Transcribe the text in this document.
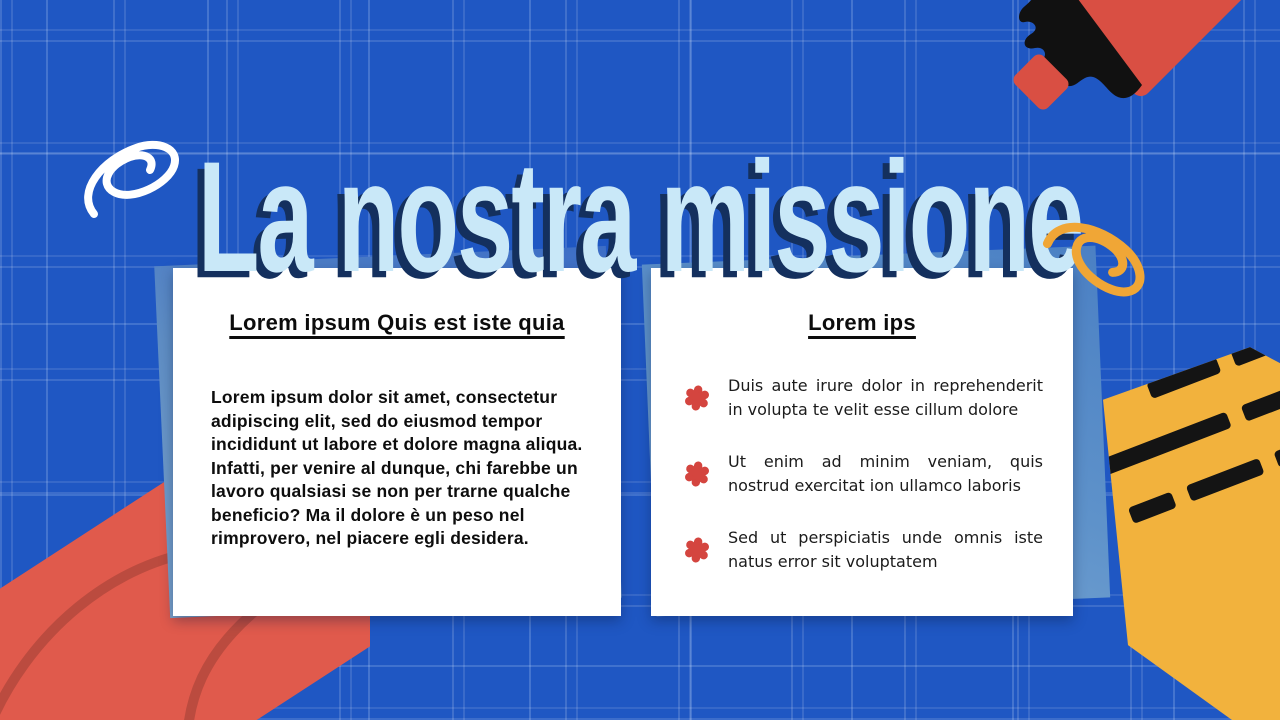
Lorem ipsum Quis est iste quia
Lorem ipsum dolor sit amet, consectetur adipiscing elit, sed do eiusmod tempor incididunt ut labore et dolore magna aliqua. Infatti, per venire al dunque, chi farebbe un lavoro qualsiasi se non per trarne qualche beneficio? Ma il dolore è un peso nel rimprovero, nel piacere egli desidera.
Lorem ips
Duis aute irure dolor in reprehenderit in volupta te velit esse cillum dolore
Ut enim ad minim veniam, quis nostrud exercitat ion ullamco laboris
Sed ut perspiciatis unde omnis iste natus error sit voluptatem
La nostra missione
